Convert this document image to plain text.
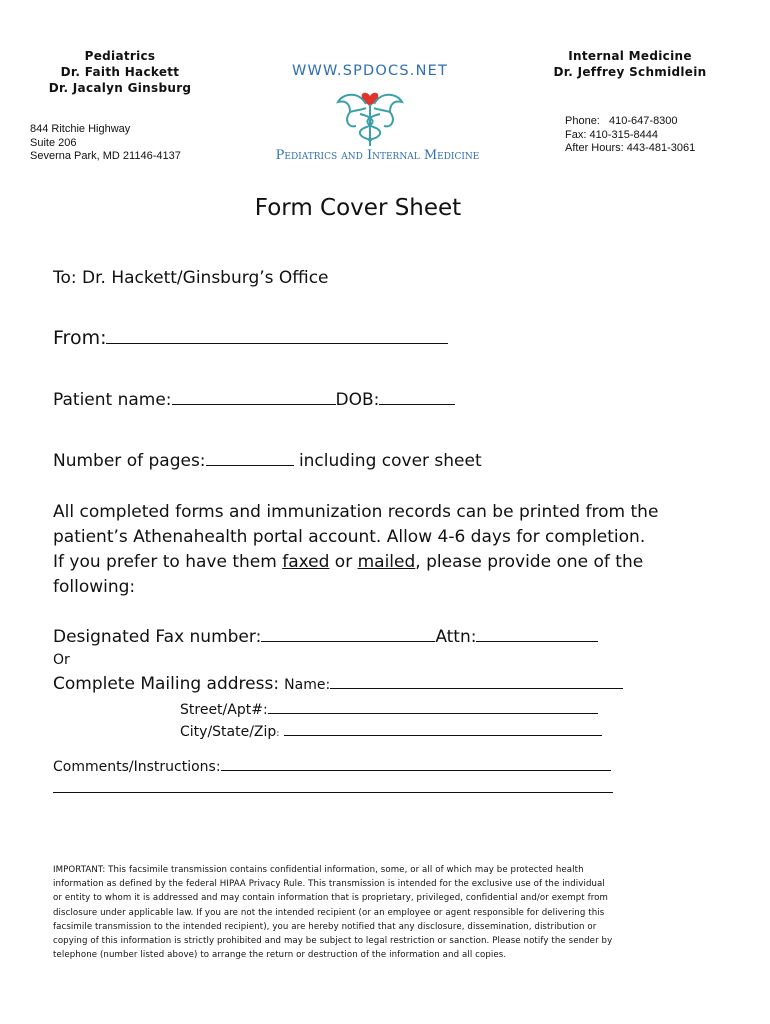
Pediatrics
Dr. Faith Hackett
Dr. Jacalyn Ginsburg
Internal Medicine
Dr. Jeffrey Schmidlein
844 Ritchie Highway
Suite 206
Severna Park, MD 21146-4137
Phone:   410-647-8300
Fax: 410-315-8444
After Hours: 443-481-3061
WWW.SPDOCS.NET
Pediatrics and Internal Medicine
Form Cover Sheet
To: Dr. Hackett/Ginsburg’s Office
From:
Patient name:	DOB:
Number of pages:	including cover sheet
All completed forms and immunization records can be printed from the
patient’s Athenahealth portal account. Allow 4-6 days for completion.
If you prefer to have them faxed or mailed, please provide one of the
following:
Designated Fax number:	Attn:
Or
Complete Mailing address: Name:
Street/Apt#:
City/State/Zip:
Comments/Instructions:
IMPORTANT: This facsimile transmission contains confidential information, some, or all of which may be protected health
information as defined by the federal HIPAA Privacy Rule. This transmission is intended for the exclusive use of the individual
or entity to whom it is addressed and may contain information that is proprietary, privileged, confidential and/or exempt from
disclosure under applicable law. If you are not the intended recipient (or an employee or agent responsible for delivering this
facsimile transmission to the intended recipient), you are hereby notified that any disclosure, dissemination, distribution or
copying of this information is strictly prohibited and may be subject to legal restriction or sanction. Please notify the sender by
telephone (number listed above) to arrange the return or destruction of the information and all copies.
